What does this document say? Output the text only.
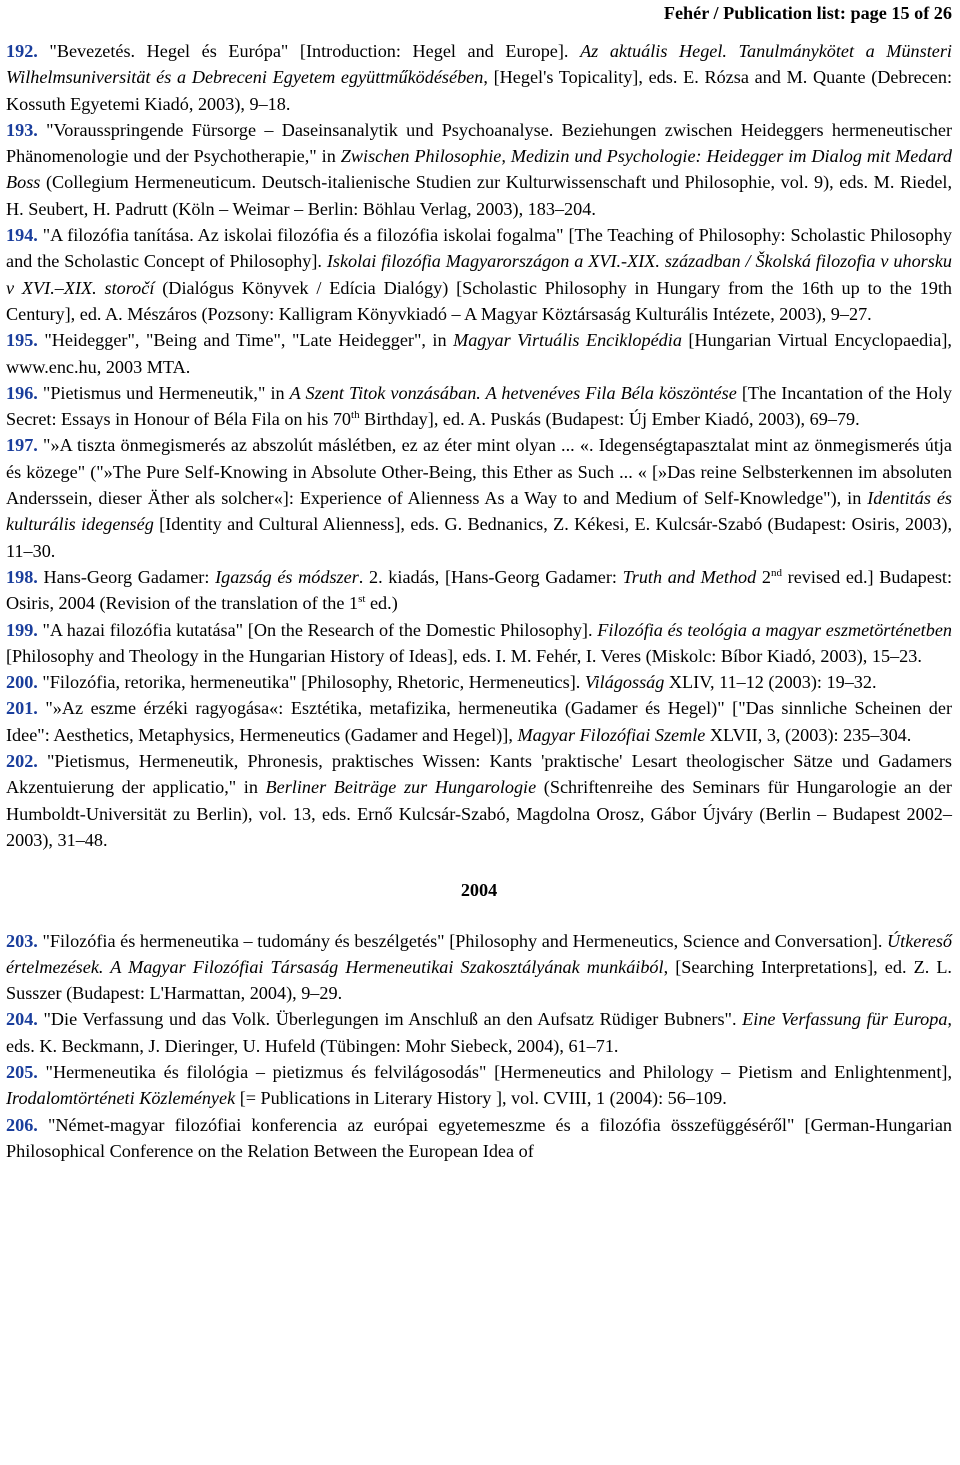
Fehér / Publication list: page 15 of 26

192. "Bevezetés. Hegel és Európa" [Introduction: Hegel and Europe]. Az aktuális Hegel. Tanulmánykötet a Münsteri Wilhelmsuniversität és a Debreceni Egyetem együttműködésében, [Hegel's Topicality], eds. E. Rózsa and M. Quante (Debrecen: Kossuth Egyetemi Kiadó, 2003), 9–18.

193. "Vorausspringende Fürsorge – Daseinsanalytik und Psychoanalyse. Beziehungen zwischen Heideggers hermeneutischer Phänomenologie und der Psychotherapie," in Zwischen Philosophie, Medizin und Psychologie: Heidegger im Dialog mit Medard Boss (Collegium Hermeneuticum. Deutsch-italienische Studien zur Kulturwissenschaft und Philosophie, vol. 9), eds. M. Riedel, H. Seubert, H. Padrutt (Köln – Weimar – Berlin: Böhlau Verlag, 2003), 183–204.

194. "A filozófia tanítása. Az iskolai filozófia és a filozófia iskolai fogalma" [The Teaching of Philosophy: Scholastic Philosophy and the Scholastic Concept of Philosophy]. Iskolai filozófia Magyarországon a XVI.-XIX. században / Školská filozofia v uhorsku v XVI.–XIX. storočí (Dialógus Könyvek / Edícia Dialógy) [Scholastic Philosophy in Hungary from the 16th up to the 19th Century], ed. A. Mészáros (Pozsony: Kalligram Könyvkiadó – A Magyar Köztársaság Kulturális Intézete, 2003), 9–27.

195. "Heidegger", "Being and Time", "Late Heidegger", in Magyar Virtuális Enciklopédia [Hungarian Virtual Encyclopaedia], www.enc.hu, 2003 MTA.

196. "Pietismus und Hermeneutik," in A Szent Titok vonzásában. A hetvenéves Fila Béla köszöntése [The Incantation of the Holy Secret: Essays in Honour of Béla Fila on his 70th Birthday], ed. A. Puskás (Budapest: Új Ember Kiadó, 2003), 69–79.

197. "»A tiszta önmegismerés az abszolút máslétben, ez az éter mint olyan ... «. Idegenségtapasztalat mint az önmegismerés útja és közege" ("»The Pure Self-Knowing in Absolute Other-Being, this Ether as Such ... « [»Das reine Selbsterkennen im absoluten Anderssein, dieser Äther als solcher«]: Experience of Alienness As a Way to and Medium of Self-Knowledge"), in Identitás és kulturális idegenség [Identity and Cultural Alienness], eds. G. Bednanics, Z. Kékesi, E. Kulcsár-Szabó (Budapest: Osiris, 2003), 11–30.

198. Hans-Georg Gadamer: Igazság és módszer. 2. kiadás, [Hans-Georg Gadamer: Truth and Method 2nd revised ed.] Budapest: Osiris, 2004 (Revision of the translation of the 1st ed.)

199. "A hazai filozófia kutatása" [On the Research of the Domestic Philosophy]. Filozófia és teológia a magyar eszmetörténetben [Philosophy and Theology in the Hungarian History of Ideas], eds. I. M. Fehér, I. Veres (Miskolc: Bíbor Kiadó, 2003), 15–23.

200. "Filozófia, retorika, hermeneutika" [Philosophy, Rhetoric, Hermeneutics]. Világosság XLIV, 11–12 (2003): 19–32.

201. "»Az eszme érzéki ragyogása«: Esztétika, metafizika, hermeneutika (Gadamer és Hegel)" ["Das sinnliche Scheinen der Idee": Aesthetics, Metaphysics, Hermeneutics (Gadamer and Hegel)], Magyar Filozófiai Szemle XLVII, 3, (2003): 235–304.

202. "Pietismus, Hermeneutik, Phronesis, praktisches Wissen: Kants 'praktische' Lesart theologischer Sätze und Gadamers Akzentuierung der applicatio," in Berliner Beiträge zur Hungarologie (Schriftenreihe des Seminars für Hungarologie an der Humboldt-Universität zu Berlin), vol. 13, eds. Ernő Kulcsár-Szabó, Magdolna Orosz, Gábor Újváry (Berlin – Budapest 2002–2003), 31–48.

2004

203. "Filozófia és hermeneutika – tudomány és beszélgetés" [Philosophy and Hermeneutics, Science and Conversation]. Útkereső értelmezések. A Magyar Filozófiai Társaság Hermeneutikai Szakosztályának munkáiból, [Searching Interpretations], ed. Z. L. Susszer (Budapest: L'Harmattan, 2004), 9–29.

204. "Die Verfassung und das Volk. Überlegungen im Anschluß an den Aufsatz Rüdiger Bubners". Eine Verfassung für Europa, eds. K. Beckmann, J. Dieringer, U. Hufeld (Tübingen: Mohr Siebeck, 2004), 61–71.

205. "Hermeneutika és filológia – pietizmus és felvilágosodás" [Hermeneutics and Philology – Pietism and Enlightenment], Irodalomtörténeti Közlemények [= Publications in Literary History ], vol. CVIII, 1 (2004): 56–109.

206. "Német-magyar filozófiai konferencia az európai egyetemeszme és a filozófia összefüggéséről" [German-Hungarian Philosophical Conference on the Relation Between the European Idea of
